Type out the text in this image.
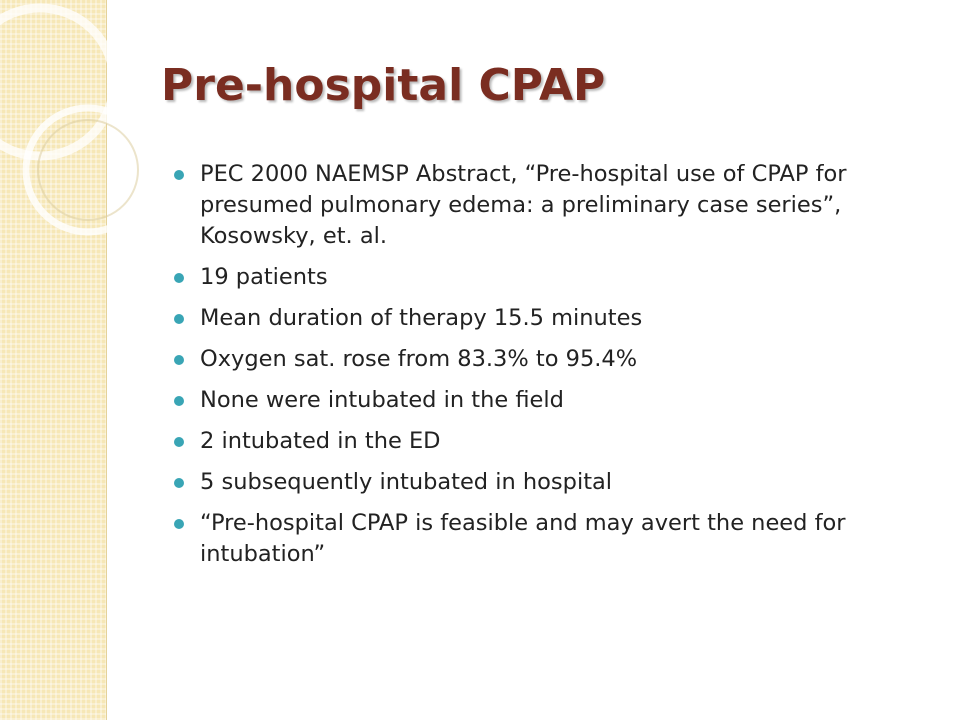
Pre-hospital CPAP
PEC 2000 NAEMSP Abstract, “Pre-hospital use of CPAP for presumed pulmonary edema: a preliminary case series”, Kosowsky, et. al.
19 patients
Mean duration of therapy 15.5 minutes
Oxygen sat. rose from 83.3% to 95.4%
None were intubated in the field
2 intubated in the ED
5 subsequently intubated in hospital
“Pre-hospital CPAP is feasible and may avert the need for intubation”
